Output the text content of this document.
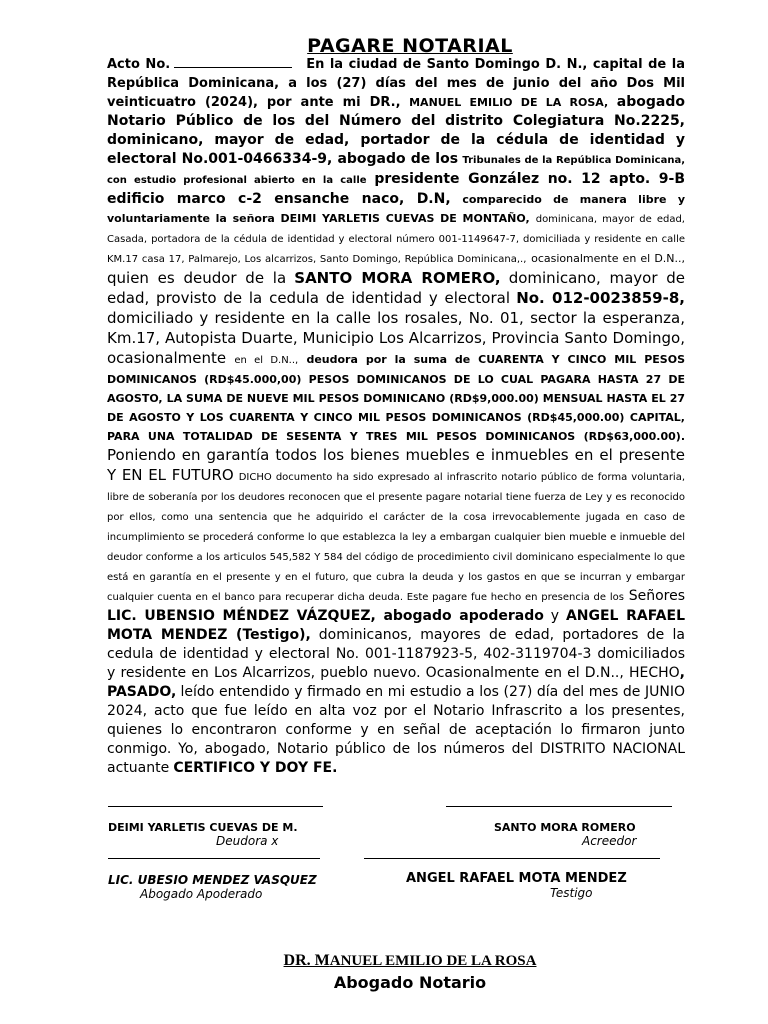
PAGARE NOTARIAL
Acto No.	En la ciudad de Santo Domingo D. N., capital de la República Dominicana, a los (27) días del mes de junio del año Dos Mil veinticuatro (2024), por ante mi DR., MANUEL EMILIO DE LA ROSA, abogado Notario Público de los del Número del distrito Colegiatura No.2225, dominicano, mayor de edad, portador de la cédula de identidad y electoral No.001-0466334-9, abogado de los Tribunales de la República Dominicana, con estudio profesional abierto en la calle presidente González no. 12 apto. 9-B edificio marco c-2 ensanche naco, D.N, comparecido de manera libre y voluntariamente la señora DEIMI YARLETIS CUEVAS DE MONTAÑO, dominicana, mayor de edad, Casada, portadora de la cédula de identidad y electoral número 001-1149647-7, domiciliada y residente en calle KM.17 casa 17, Palmarejo, Los alcarrizos, Santo Domingo, República Dominicana,., ocasionalmente en el D.N.., quien es deudor de la SANTO MORA ROMERO, dominicano, mayor de edad, provisto de la cedula de identidad y electoral No. 012-0023859-8, domiciliado y residente en la calle los rosales, No. 01, sector la esperanza, Km.17, Autopista Duarte, Municipio Los Alcarrizos, Provincia Santo Domingo, ocasionalmente en el D.N.., deudora por la suma de CUARENTA Y CINCO MIL PESOS DOMINICANOS (RD$45.000,00) PESOS DOMINICANOS DE LO CUAL PAGARA HASTA 27 DE AGOSTO, LA SUMA DE NUEVE MIL PESOS DOMINICANO (RD$9,000.00) MENSUAL HASTA EL 27 DE AGOSTO Y LOS CUARENTA Y CINCO MIL PESOS DOMINICANOS (RD$45,000.00) CAPITAL, PARA UNA TOTALIDAD DE SESENTA Y TRES MIL PESOS DOMINICANOS (RD$63,000.00). Poniendo en garantía todos los bienes muebles e inmuebles en el presente Y EN EL FUTURO DICHO documento ha sido expresado al infrascrito notario público de forma voluntaria, libre de soberanía por los deudores reconocen que el presente pagare notarial tiene fuerza de Ley y es reconocido por ellos, como una sentencia que he adquirido el carácter de la cosa irrevocablemente jugada en caso de incumplimiento se procederá conforme lo que establezca la ley a embargan cualquier bien mueble e inmueble del deudor conforme a los articulos 545,582 Y 584 del código de procedimiento civil dominicano especialmente lo que está en garantía en el presente y en el futuro, que cubra la deuda y los gastos en que se incurran y embargar cualquier cuenta en el banco para recuperar dicha deuda. Este pagare fue hecho en presencia de los Señores LIC. UBENSIO MÉNDEZ VÁZQUEZ, abogado apoderado y ANGEL RAFAEL MOTA MENDEZ (Testigo), dominicanos, mayores de edad, portadores de la cedula de identidad y electoral No. 001-1187923-5, 402-3119704-3 domiciliados y residente en Los Alcarrizos, pueblo nuevo. Ocasionalmente en el D.N.., HECHO, PASADO, leído entendido y firmado en mi estudio a los (27) día del mes de JUNIO 2024, acto que fue leído en alta voz por el Notario Infrascrito a los presentes, quienes lo encontraron conforme y en señal de aceptación lo firmaron junto conmigo. Yo, abogado, Notario público de los números del DISTRITO NACIONAL actuante CERTIFICO Y DOY FE.
DEIMI YARLETIS CUEVAS DE M.
Deudora x
SANTO MORA ROMERO
Acreedor
LIC. UBESIO MENDEZ VASQUEZ
Abogado Apoderado
ANGEL RAFAEL MOTA MENDEZ
Testigo
DR. MANUEL EMILIO DE LA ROSA
Abogado Notario
